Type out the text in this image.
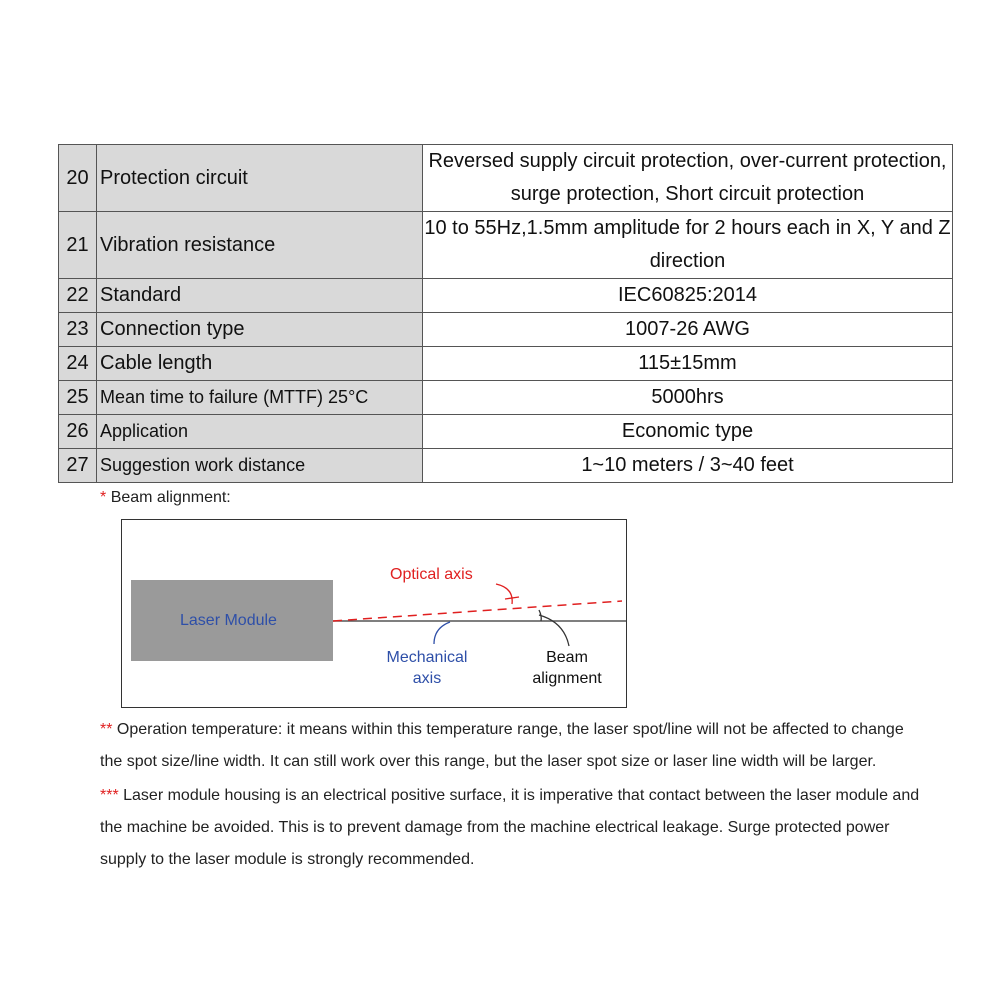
20	Protection circuit	Reversed supply circuit protection, over-current protection, surge protection, Short circuit protection
21	Vibration resistance	10 to 55Hz,1.5mm amplitude for 2 hours each in X, Y and Z direction
22	Standard	IEC60825:2014
23	Connection type	1007-26 AWG
24	Cable length	115±15mm
25	Mean time to failure (MTTF) 25°C	5000hrs
26	Application	Economic type
27	Suggestion work distance	1~10 meters / 3~40 feet
* Beam alignment:
Laser Module
Optical axis
Mechanical
axis
Beam
alignment
** Operation temperature: it means within this temperature range, the laser spot/line will not be affected to change
the spot size/line width. It can still work over this range, but the laser spot size or laser line width will be larger.
*** Laser module housing is an electrical positive surface, it is imperative that contact between the laser module and
the machine be avoided. This is to prevent damage from the machine electrical leakage. Surge protected power
supply to the laser module is strongly recommended.
